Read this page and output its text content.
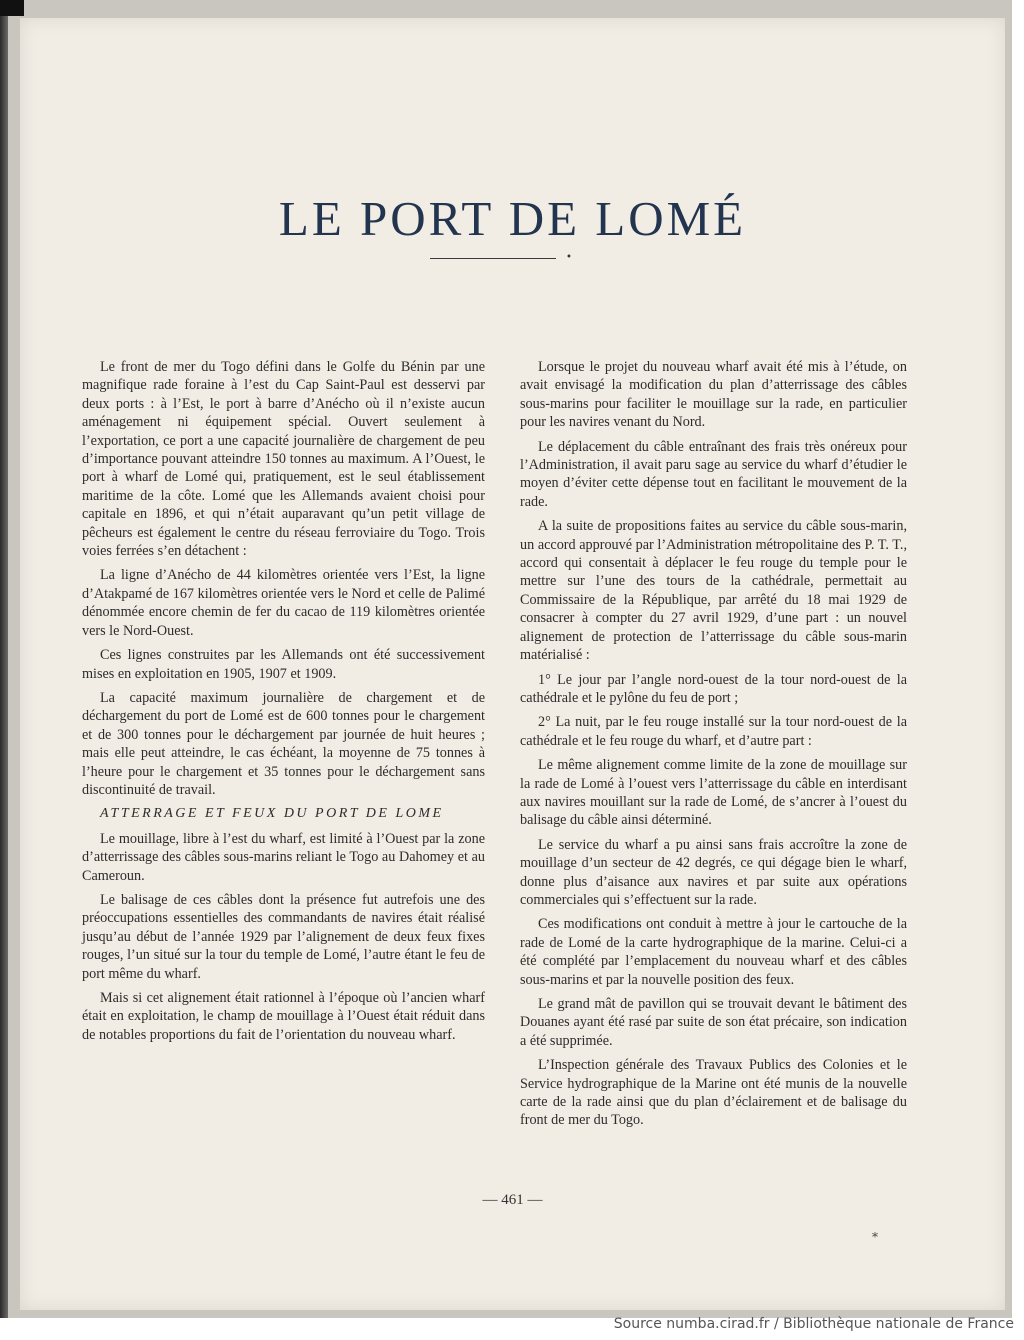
LE PORT DE LOMÉ
•

Le front de mer du Togo défini dans le Golfe du Bénin par une magnifique rade foraine à l’est du Cap Saint-Paul est desservi par deux ports : à l’Est, le port à barre d’Anécho où il n’existe aucun aménagement ni équipement spécial. Ouvert seulement à l’exportation, ce port a une capacité journalière de chargement de peu d’importance pouvant atteindre 150 tonnes au maximum. A l’Ouest, le port à wharf de Lomé qui, pratiquement, est le seul établissement maritime de la côte. Lomé que les Allemands avaient choisi pour capitale en 1896, et qui n’était auparavant qu’un petit village de pêcheurs est également le centre du réseau ferroviaire du Togo. Trois voies ferrées s’en détachent :

La ligne d’Anécho de 44 kilomètres orientée vers l’Est, la ligne d’Atakpamé de 167 kilomètres orientée vers le Nord et celle de Palimé dénommée encore chemin de fer du cacao de 119 kilomètres orientée vers le Nord-Ouest.

Ces lignes construites par les Allemands ont été successivement mises en exploitation en 1905, 1907 et 1909.

La capacité maximum journalière de chargement et de déchargement du port de Lomé est de 600 tonnes pour le chargement et de 300 tonnes pour le déchargement par journée de huit heures ; mais elle peut atteindre, le cas échéant, la moyenne de 75 tonnes à l’heure pour le chargement et 35 tonnes pour le déchargement sans discontinuité de travail.

ATTERRAGE ET FEUX DU PORT DE LOME

Le mouillage, libre à l’est du wharf, est limité à l’Ouest par la zone d’atterrissage des câbles sous-marins reliant le Togo au Dahomey et au Cameroun.

Le balisage de ces câbles dont la présence fut autrefois une des préoccupations essentielles des commandants de navires était réalisé jusqu’au début de l’année 1929 par l’alignement de deux feux fixes rouges, l’un situé sur la tour du temple de Lomé, l’autre étant le feu de port même du wharf.

Mais si cet alignement était rationnel à l’époque où l’ancien wharf était en exploitation, le champ de mouillage à l’Ouest était réduit dans de notables proportions du fait de l’orientation du nouveau wharf.

Lorsque le projet du nouveau wharf avait été mis à l’étude, on avait envisagé la modification du plan d’atterrissage des câbles sous-marins pour faciliter le mouillage sur la rade, en particulier pour les navires venant du Nord.

Le déplacement du câble entraînant des frais très onéreux pour l’Administration, il avait paru sage au service du wharf d’étudier le moyen d’éviter cette dépense tout en facilitant le mouvement de la rade.

A la suite de propositions faites au service du câble sous-marin, un accord approuvé par l’Administration métropolitaine des P. T. T., accord qui consentait à déplacer le feu rouge du temple pour le mettre sur l’une des tours de la cathédrale, permettait au Commissaire de la République, par arrêté du 18 mai 1929 de consacrer à compter du 27 avril 1929, d’une part : un nouvel alignement de protection de l’atterrissage du câble sous-marin matérialisé :

1° Le jour par l’angle nord-ouest de la tour nord-ouest de la cathédrale et le pylône du feu de port ;

2° La nuit, par le feu rouge installé sur la tour nord-ouest de la cathédrale et le feu rouge du wharf, et d’autre part :

Le même alignement comme limite de la zone de mouillage sur la rade de Lomé à l’ouest vers l’atterrissage du câble en interdisant aux navires mouillant sur la rade de Lomé, de s’ancrer à l’ouest du balisage du câble ainsi déterminé.

Le service du wharf a pu ainsi sans frais accroître la zone de mouillage d’un secteur de 42 degrés, ce qui dégage bien le wharf, donne plus d’aisance aux navires et par suite aux opérations commerciales qui s’effectuent sur la rade.

Ces modifications ont conduit à mettre à jour le cartouche de la rade de Lomé de la carte hydrographique de la marine. Celui-ci a été complété par l’emplacement du nouveau wharf et des câbles sous-marins et par la nouvelle position des feux.

Le grand mât de pavillon qui se trouvait devant le bâtiment des Douanes ayant été rasé par suite de son état précaire, son indication a été supprimée.

L’Inspection générale des Travaux Publics des Colonies et le Service hydrographique de la Marine ont été munis de la nouvelle carte de la rade ainsi que du plan d’éclairement et de balisage du front de mer du Togo.

— 461 —
*
Source numba.cirad.fr / Bibliothèque nationale de France
